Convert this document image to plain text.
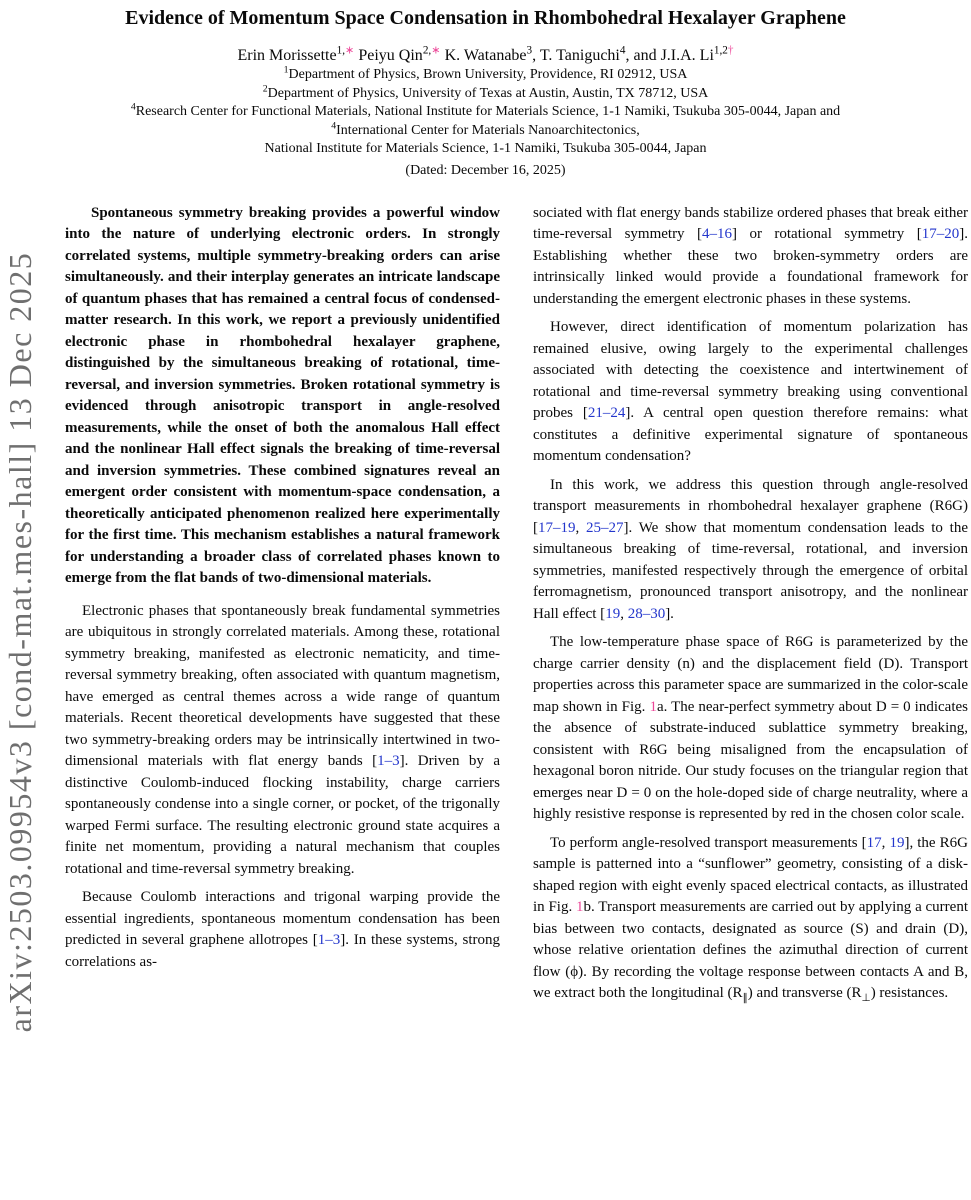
arXiv:2503.09954v3 [cond-mat.mes-hall] 13 Dec 2025
Evidence of Momentum Space Condensation in Rhombohedral Hexalayer Graphene
Erin Morissette$^{1,∗}$ Peiyu Qin$^{2,∗}$ K. Watanabe$^3$, T. Taniguchi$^4$, and J.I.A. Li$^{1,2\dagger}$
$^1$Department of Physics, Brown University, Providence, RI 02912, USA
$^2$Department of Physics, University of Texas at Austin, Austin, TX 78712, USA
$^4$Research Center for Functional Materials, National Institute for Materials Science, 1-1 Namiki, Tsukuba 305-0044, Japan and
$^4$International Center for Materials Nanoarchitectonics,
National Institute for Materials Science, 1-1 Namiki, Tsukuba 305-0044, Japan
(Dated: December 16, 2025)

Spontaneous symmetry breaking provides a powerful window into the nature of underlying electronic orders. In strongly correlated systems, multiple symmetry-breaking orders can arise simultaneously. and their interplay generates an intricate landscape of quantum phases that has remained a central focus of condensed-matter research. In this work, we report a previously unidentified electronic phase in rhombohedral hexalayer graphene, distinguished by the simultaneous breaking of rotational, time-reversal, and inversion symmetries. Broken rotational symmetry is evidenced through anisotropic transport in angle-resolved measurements, while the onset of both the anomalous Hall effect and the nonlinear Hall effect signals the breaking of time-reversal and inversion symmetries. These combined signatures reveal an emergent order consistent with momentum-space condensation, a theoretically anticipated phenomenon realized here experimentally for the first time. This mechanism establishes a natural framework for understanding a broader class of correlated phases known to emerge from the flat bands of two-dimensional materials.

Electronic phases that spontaneously break fundamental symmetries are ubiquitous in strongly correlated materials. Among these, rotational symmetry breaking, manifested as electronic nematicity, and time-reversal symmetry breaking, often associated with quantum magnetism, have emerged as central themes across a wide range of quantum materials. Recent theoretical developments have suggested that these two symmetry-breaking orders may be intrinsically intertwined in two-dimensional materials with flat energy bands [1–3]. Driven by a distinctive Coulomb-induced flocking instability, charge carriers spontaneously condense into a single corner, or pocket, of the trigonally warped Fermi surface. The resulting electronic ground state acquires a finite net momentum, providing a natural mechanism that couples rotational and time-reversal symmetry breaking.

Because Coulomb interactions and trigonal warping provide the essential ingredients, spontaneous momentum condensation has been predicted in several graphene allotropes [1–3]. In these systems, strong correlations as-

sociated with flat energy bands stabilize ordered phases that break either time-reversal symmetry [4–16] or rotational symmetry [17–20]. Establishing whether these two broken-symmetry orders are intrinsically linked would provide a foundational framework for understanding the emergent electronic phases in these systems.

However, direct identification of momentum polarization has remained elusive, owing largely to the experimental challenges associated with detecting the coexistence and intertwinement of rotational and time-reversal symmetry breaking using conventional probes [21–24]. A central open question therefore remains: what constitutes a definitive experimental signature of spontaneous momentum condensation?

In this work, we address this question through angle-resolved transport measurements in rhombohedral hexalayer graphene (R6G) [17–19, 25–27]. We show that momentum condensation leads to the simultaneous breaking of time-reversal, rotational, and inversion symmetries, manifested respectively through the emergence of orbital ferromagnetism, pronounced transport anisotropy, and the nonlinear Hall effect [19, 28–30].

The low-temperature phase space of R6G is parameterized by the charge carrier density (n) and the displacement field (D). Transport properties across this parameter space are summarized in the color-scale map shown in Fig. 1a. The near-perfect symmetry about D = 0 indicates the absence of substrate-induced sublattice symmetry breaking, consistent with R6G being misaligned from the encapsulation of hexagonal boron nitride. Our study focuses on the triangular region that emerges near D = 0 on the hole-doped side of charge neutrality, where a highly resistive response is represented by red in the chosen color scale.

To perform angle-resolved transport measurements [17, 19], the R6G sample is patterned into a “sunflower” geometry, consisting of a disk-shaped region with eight evenly spaced electrical contacts, as illustrated in Fig. 1b. Transport measurements are carried out by applying a current bias between two contacts, designated as source (S) and drain (D), whose relative orientation defines the azimuthal direction of current flow (ϕ). By recording the voltage response between contacts A and B, we extract both the longitudinal $(R_\parallel)$ and transverse $(R_\perp)$ resistances.
